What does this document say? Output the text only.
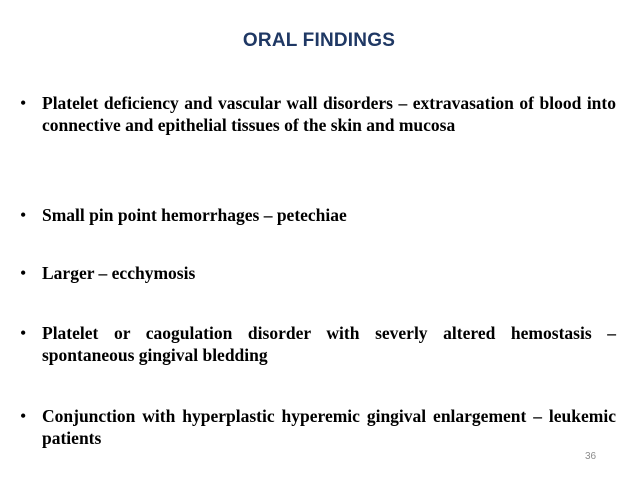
ORAL FINDINGS
• Platelet deficiency and vascular wall disorders – extravasation of blood into connective and epithelial tissues of the skin and mucosa
• Small pin point hemorrhages – petechiae
• Larger – ecchymosis
• Platelet or caogulation disorder with severly altered hemostasis – spontaneous gingival bledding
• Conjunction with hyperplastic hyperemic gingival enlargement – leukemic patients
36
